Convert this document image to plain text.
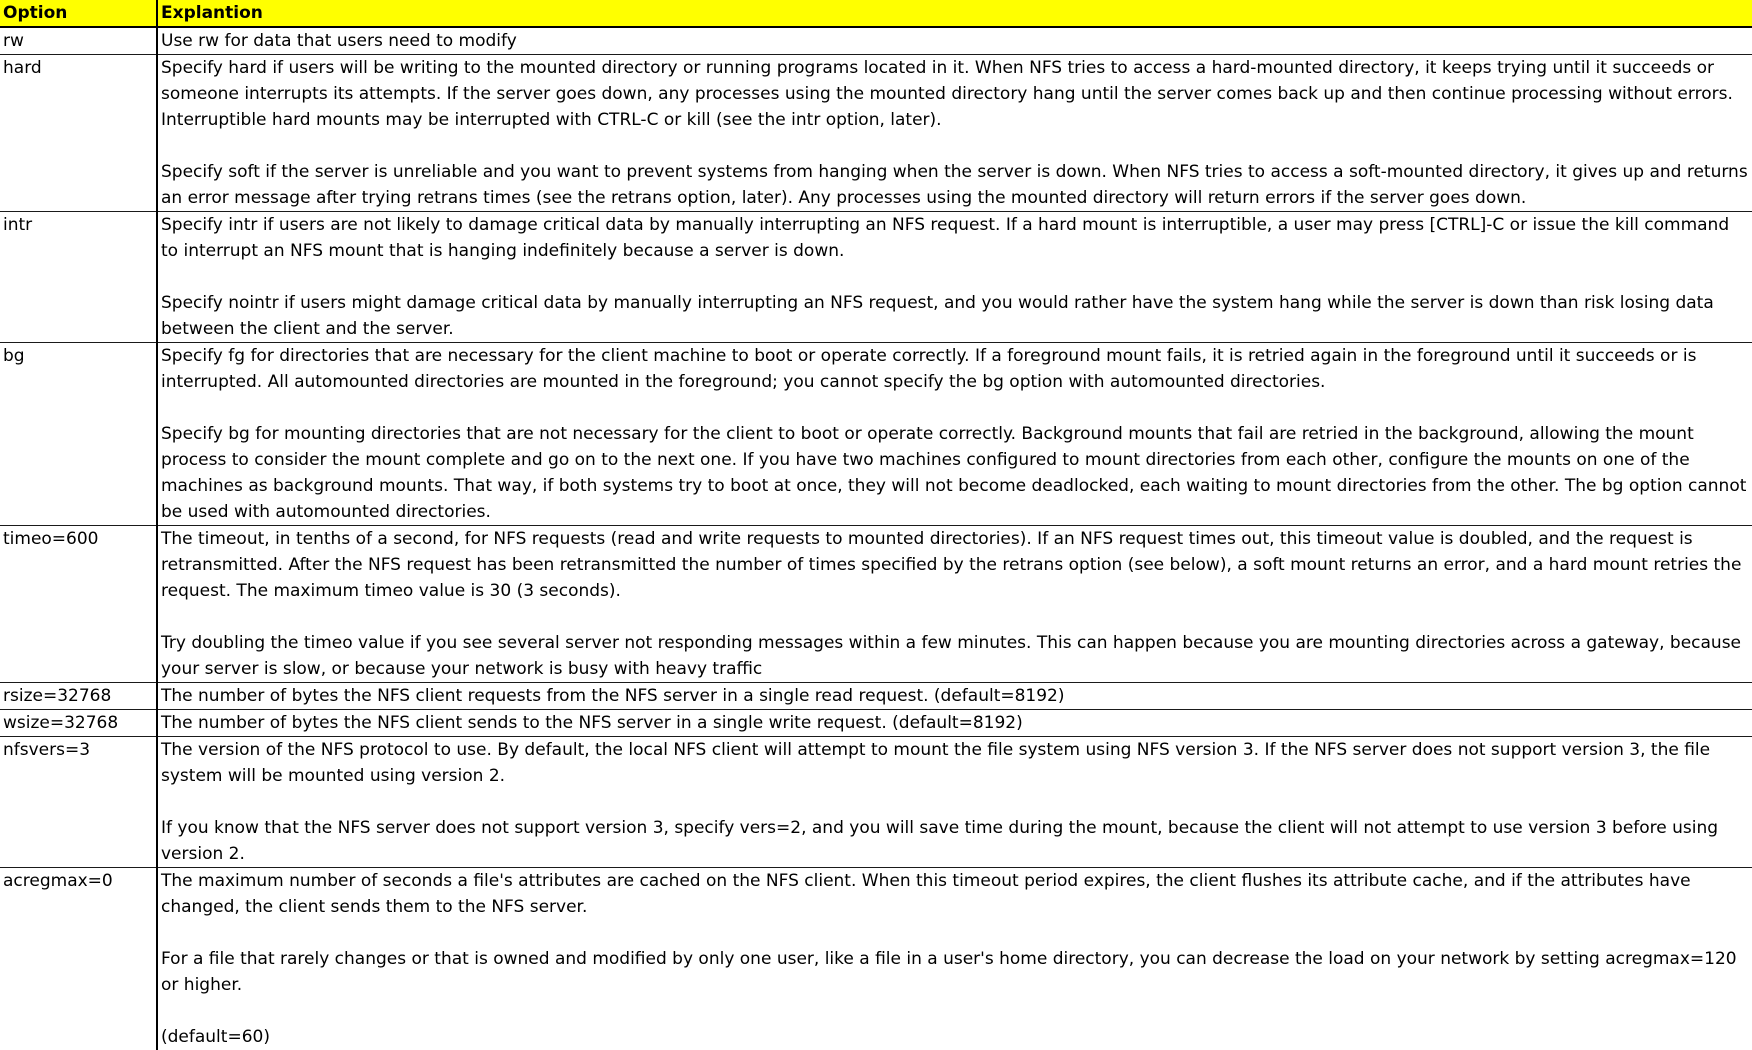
Option	Explantion
rw	Use rw for data that users need to modify

hard	Specify hard if users will be writing to the mounted directory or running programs located in it. When NFS tries to access a hard-mounted directory, it keeps trying until it succeeds or someone interrupts its attempts. If the server goes down, any processes using the mounted directory hang until the server comes back up and then continue processing without errors. Interruptible hard mounts may be interrupted with CTRL-C or kill (see the intr option, later).
Specify soft if the server is unreliable and you want to prevent systems from hanging when the server is down. When NFS tries to access a soft-mounted directory, it gives up and returns an error message after trying retrans times (see the retrans option, later). Any processes using the mounted directory will return errors if the server goes down.

intr	Specify intr if users are not likely to damage critical data by manually interrupting an NFS request. If a hard mount is interruptible, a user may press [CTRL]-C or issue the kill command to interrupt an NFS mount that is hanging indefinitely because a server is down.
Specify nointr if users might damage critical data by manually interrupting an NFS request, and you would rather have the system hang while the server is down than risk losing data between the client and the server.

bg	Specify fg for directories that are necessary for the client machine to boot or operate correctly. If a foreground mount fails, it is retried again in the foreground until it succeeds or is interrupted. All automounted directories are mounted in the foreground; you cannot specify the bg option with automounted directories.
Specify bg for mounting directories that are not necessary for the client to boot or operate correctly. Background mounts that fail are retried in the background, allowing the mount process to consider the mount complete and go on to the next one. If you have two machines configured to mount directories from each other, configure the mounts on one of the machines as background mounts. That way, if both systems try to boot at once, they will not become deadlocked, each waiting to mount directories from the other. The bg option cannot be used with automounted directories.

timeo=600	The timeout, in tenths of a second, for NFS requests (read and write requests to mounted directories). If an NFS request times out, this timeout value is doubled, and the request is retransmitted. After the NFS request has been retransmitted the number of times specified by the retrans option (see below), a soft mount returns an error, and a hard mount retries the request. The maximum timeo value is 30 (3 seconds).
Try doubling the timeo value if you see several server not responding messages within a few minutes. This can happen because you are mounting directories across a gateway, because your server is slow, or because your network is busy with heavy traffic

rsize=32768	The number of bytes the NFS client requests from the NFS server in a single read request. (default=8192)

wsize=32768	The number of bytes the NFS client sends to the NFS server in a single write request. (default=8192)

nfsvers=3	The version of the NFS protocol to use. By default, the local NFS client will attempt to mount the file system using NFS version 3. If the NFS server does not support version 3, the file system will be mounted using version 2.
If you know that the NFS server does not support version 3, specify vers=2, and you will save time during the mount, because the client will not attempt to use version 3 before using version 2.

acregmax=0	The maximum number of seconds a file's attributes are cached on the NFS client. When this timeout period expires, the client flushes its attribute cache, and if the attributes have changed, the client sends them to the NFS server.
For a file that rarely changes or that is owned and modified by only one user, like a file in a user's home directory, you can decrease the load on your network by setting acregmax=120 or higher.
(default=60)
